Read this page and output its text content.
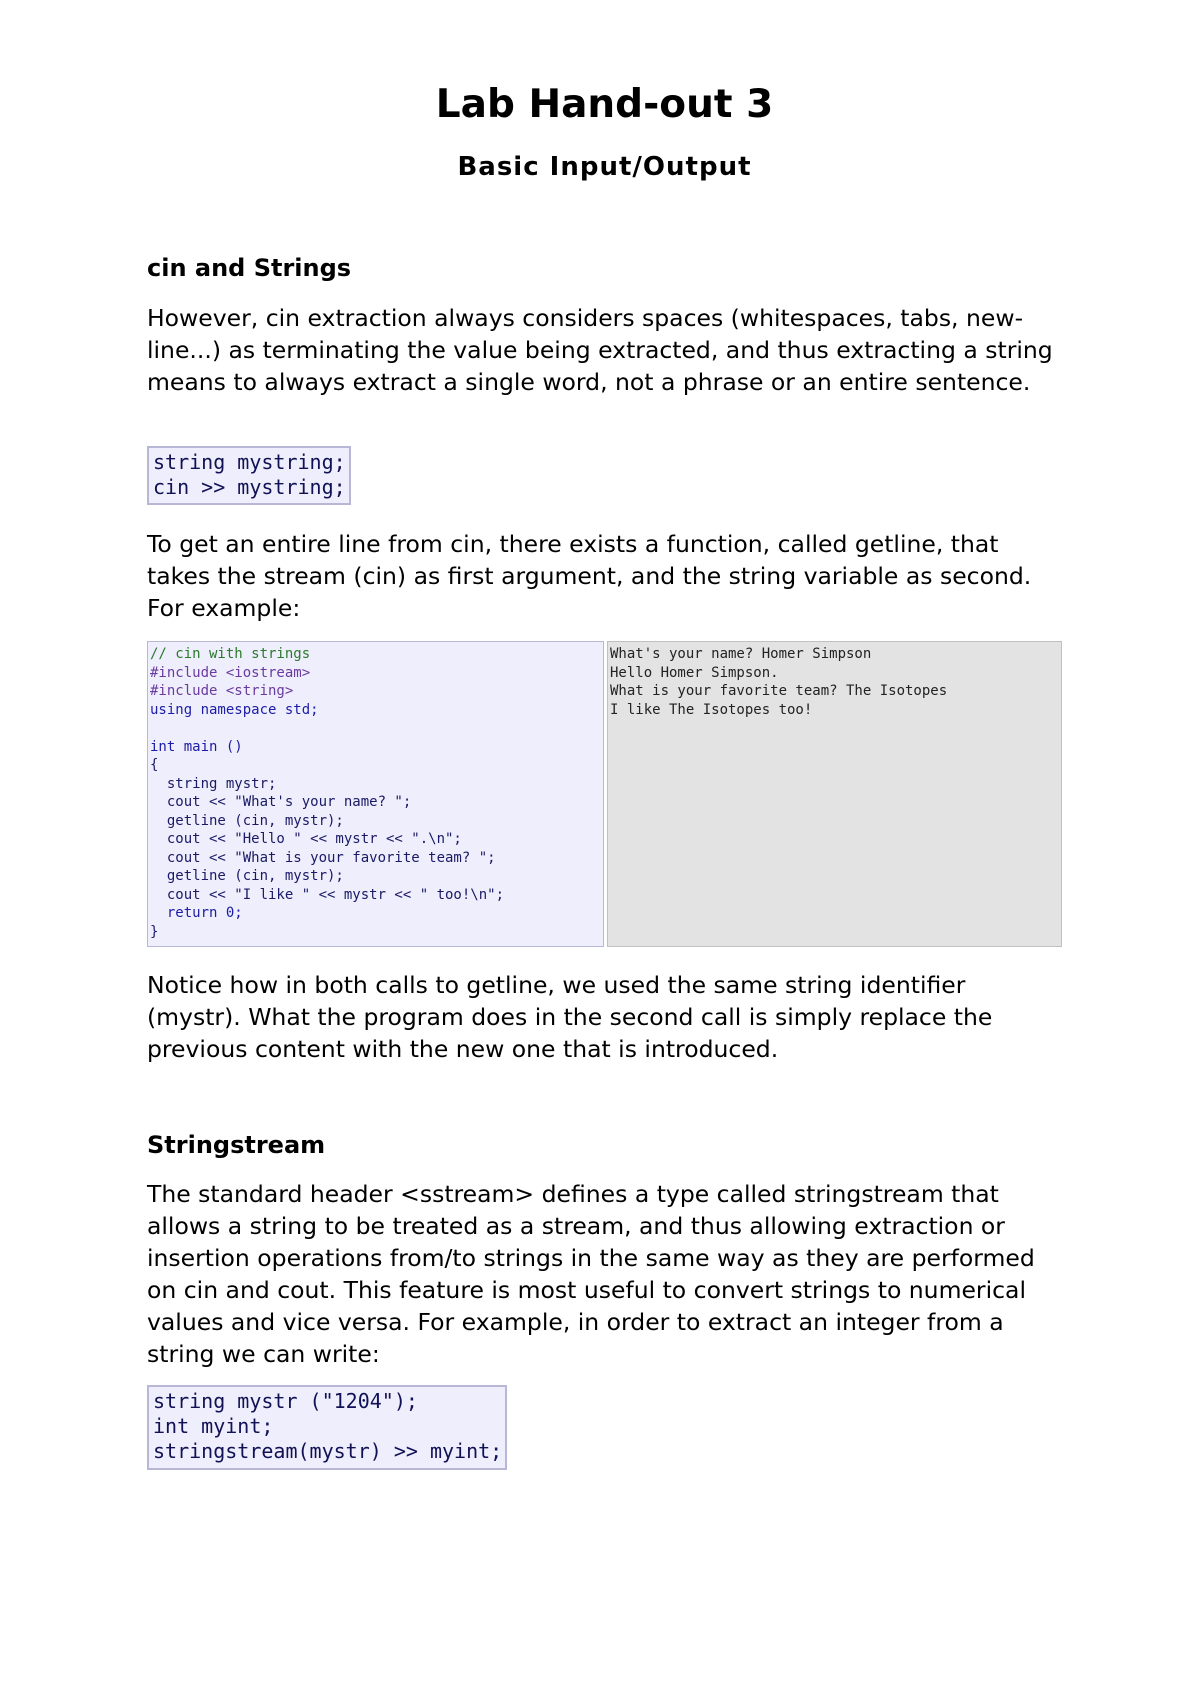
Lab Hand-out 3
Basic Input/Output
cin and Strings

However, cin extraction always considers spaces (whitespaces, tabs, new-line...) as terminating the value being extracted, and thus extracting a string means to always extract a single word, not a phrase or an entire sentence.

string mystring;
cin >> mystring;

To get an entire line from cin, there exists a function, called getline, that takes the stream (cin) as first argument, and the string variable as second. For example:

// cin with strings
#include <iostream>
#include <string>
using namespace std;
int main ()
{
string mystr;
cout << "What's your name? ";
getline (cin, mystr);
cout << "Hello " << mystr << ".\n";
cout << "What is your favorite team? ";
getline (cin, mystr);
cout << "I like " << mystr << " too!\n";
return 0;
}
What's your name? Homer Simpson
Hello Homer Simpson.
What is your favorite team? The Isotopes
I like The Isotopes too!

Notice how in both calls to getline, we used the same string identifier (mystr). What the program does in the second call is simply replace the previous content with the new one that is introduced.

Stringstream

The standard header <sstream> defines a type called stringstream that allows a string to be treated as a stream, and thus allowing extraction or insertion operations from/to strings in the same way as they are performed on cin and cout. This feature is most useful to convert strings to numerical values and vice versa. For example, in order to extract an integer from a string we can write:

string mystr ("1204");
int myint;
stringstream(mystr) >> myint;
